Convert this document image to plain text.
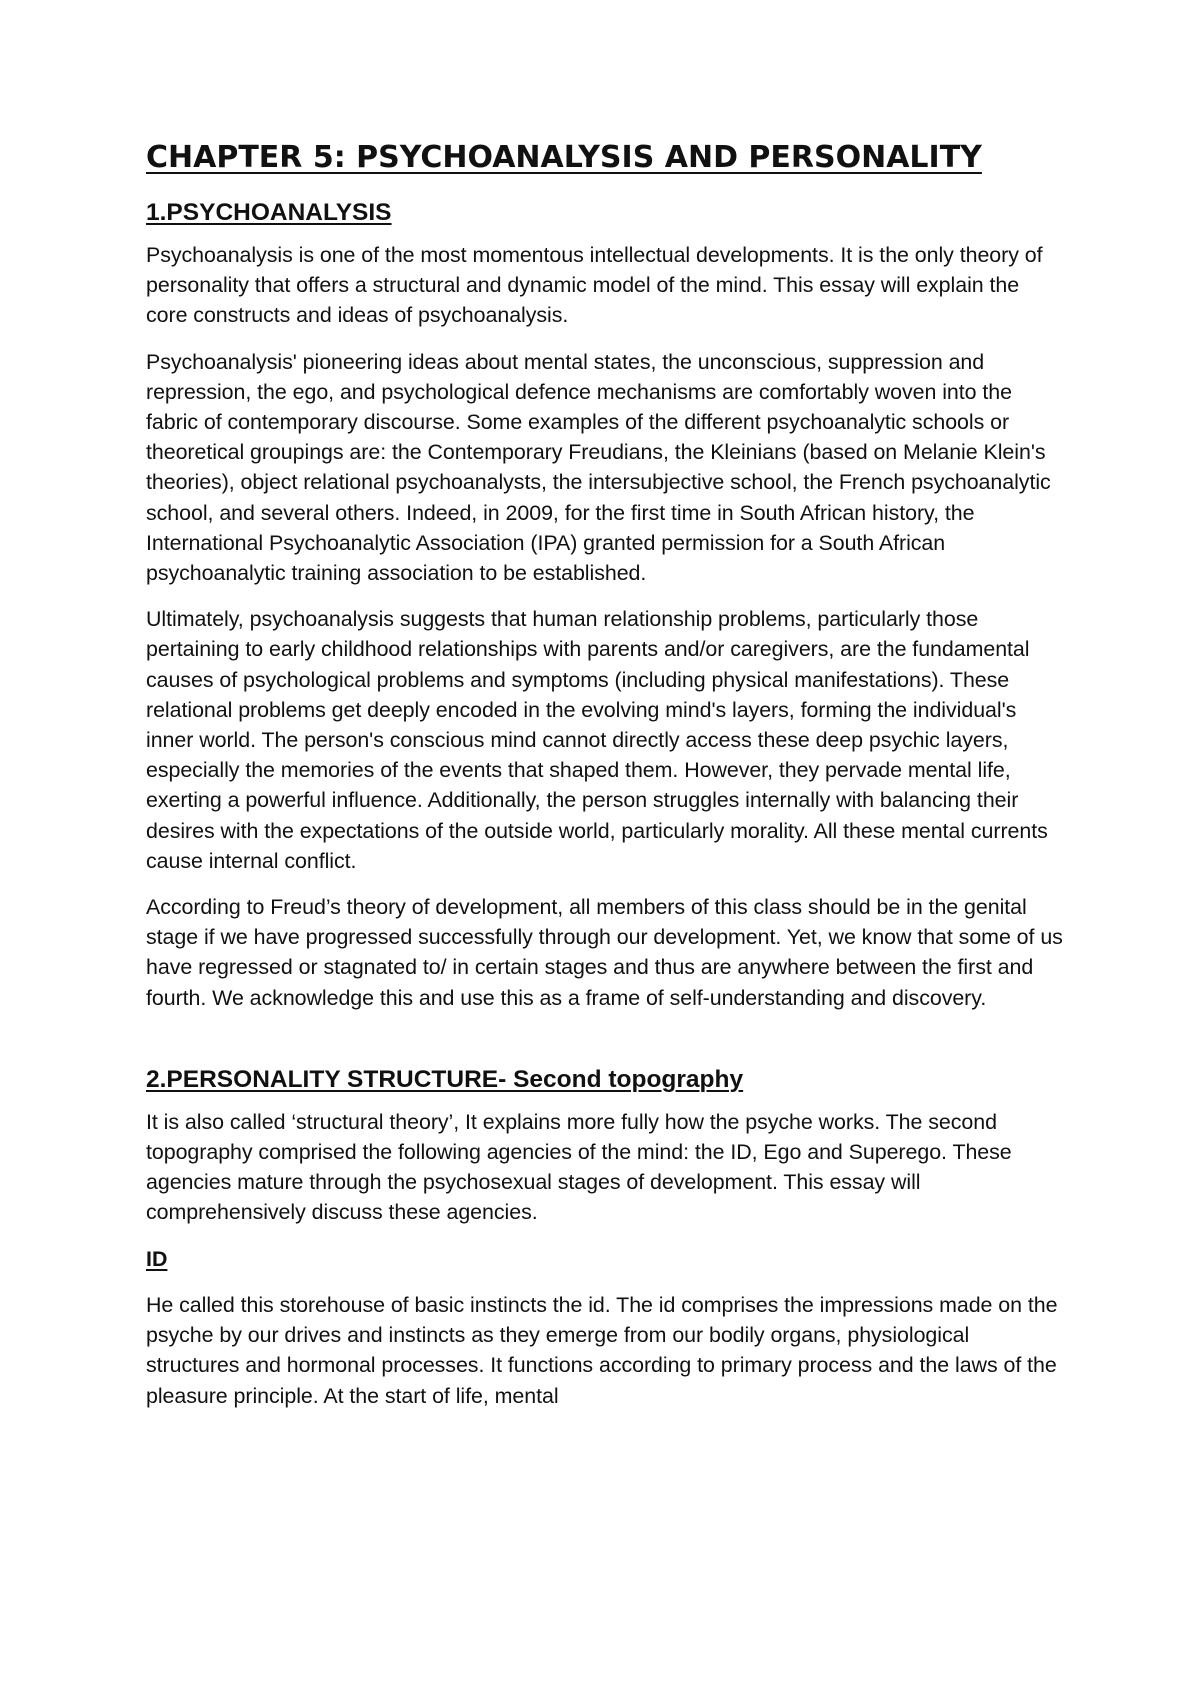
CHAPTER 5: PSYCHOANALYSIS AND PERSONALITY
1.PSYCHOANALYSIS

Psychoanalysis is one of the most momentous intellectual developments. It is the only theory of personality that offers a structural and dynamic model of the mind. This essay will explain the core constructs and ideas of psychoanalysis.

Psychoanalysis' pioneering ideas about mental states, the unconscious, suppression and repression, the ego, and psychological defence mechanisms are comfortably woven into the fabric of contemporary discourse. Some examples of the different psychoanalytic schools or theoretical groupings are: the Contemporary Freudians, the Kleinians (based on Melanie Klein's theories), object relational psychoanalysts, the intersubjective school, the French psychoanalytic school, and several others. Indeed, in 2009, for the first time in South African history, the International Psychoanalytic Association (IPA) granted permission for a South African psychoanalytic training association to be established.

Ultimately, psychoanalysis suggests that human relationship problems, particularly those pertaining to early childhood relationships with parents and/or caregivers, are the fundamental causes of psychological problems and symptoms (including physical manifestations). These relational problems get deeply encoded in the evolving mind's layers, forming the individual's inner world. The person's conscious mind cannot directly access these deep psychic layers, especially the memories of the events that shaped them. However, they pervade mental life, exerting a powerful influence. Additionally, the person struggles internally with balancing their desires with the expectations of the outside world, particularly morality. All these mental currents cause internal conflict.

According to Freud’s theory of development, all members of this class should be in the genital stage if we have progressed successfully through our development. Yet, we know that some of us have regressed or stagnated to/ in certain stages and thus are anywhere between the first and fourth. We acknowledge this and use this as a frame of self-understanding and discovery.

2.PERSONALITY STRUCTURE- Second topography

It is also called ‘structural theory’, It explains more fully how the psyche works. The second topography comprised the following agencies of the mind: the ID, Ego and Superego. These agencies mature through the psychosexual stages of development. This essay will comprehensively discuss these agencies.

ID

He called this storehouse of basic instincts the id. The id comprises the impressions made on the psyche by our drives and instincts as they emerge from our bodily organs, physiological structures and hormonal processes. It functions according to primary process and the laws of the pleasure principle. At the start of life, mental
